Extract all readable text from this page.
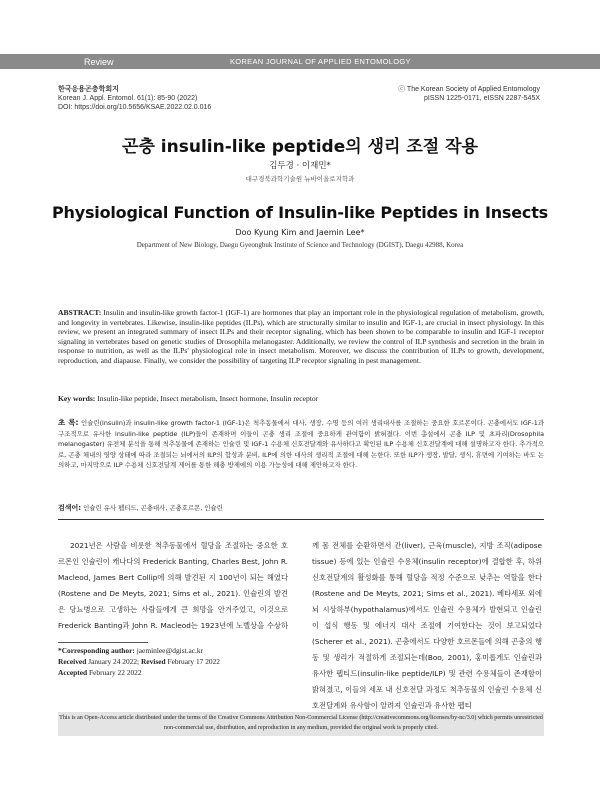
Review	KOREAN JOURNAL OF APPLIED ENTOMOLOGY
한국응용곤충학회지
Korean J. Appl. Entomol. 61(1): 85-90 (2022)
DOI: https://doi.org/10.5656/KSAE.2022.02.0.016
ⓒ The Korean Society of Applied Entomology
pISSN 1225-0171, eISSN 2287-545X
곤충 insulin-like peptide의 생리 조절 작용
김두경 · 이재민*
대구경북과학기술원 뉴바이올로지학과
Physiological Function of Insulin-like Peptides in Insects
Doo Kyung Kim and Jaemin Lee*
Department of New Biology, Daegu Gyeongbuk Institute of Science and Technology (DGIST), Daegu 42988, Korea
ABSTRACT: Insulin and insulin-like growth factor-1 (IGF-1) are hormones that play an important role in the physiological regulation of metabolism, growth, and longevity in vertebrates. Likewise, insulin-like peptides (ILPs), which are structurally similar to insulin and IGF-1, are crucial in insect physiology. In this review, we present an integrated summary of insect ILPs and their receptor signaling, which has been shown to be comparable to insulin and IGF-1 receptor signaling in vertebrates based on genetic studies of Drosophila melanogaster. Additionally, we review the control of ILP synthesis and secretion in the brain in response to nutrition, as well as the ILPs' physiological role in insect metabolism. Moreover, we discuss the contribution of ILPs to growth, development, reproduction, and diapause. Finally, we consider the possibility of targeting ILP receptor signaling in pest management.
Key words: Insulin-like peptide, Insect metabolism, Insect hormone, Insulin receptor
초 록: 인슐린(insulin)과 insulin-like growth factor-1 (IGF-1)은 척추동물에서 대사, 생장, 수명 등의 여러 생리대사를 조절하는 중요한 호르몬이다. 곤충에서도 IGF-1과 구조적으로 유사한 insulin-like peptide (ILP)들이 존재하며 이들이 곤충 생리 조절에 중요하게 관여함이 밝혀졌다. 이번 총설에서 곤충 ILP 및 초파리(Drosophila melanogaster) 유전체 분석을 통해 척추동물에 존재하는 인슐린 및 IGF-1 수용체 신호전달계와 유사하다고 확인된 ILP 수용체 신호전달계에 대해 설명하고자 한다. 추가적으로, 곤충 체내의 영양 상태에 따라 조절되는 뇌에서의 ILP의 합성과 분비, ILP에 의한 대사의 생리적 조절에 대해 논한다. 또한 ILP가 생장, 발달, 생식, 휴면에 기여하는 바도 논의하고, 마지막으로 ILP 수용체 신호전달계 제어를 통한 해충 방제에의 이용 가능성에 대해 제안하고자 한다.
검색어: 인슐린 유사 펩티드, 곤충대사, 곤충호르몬, 인슐린
2021년은 사람을 비롯한 척추동물에서 혈당을 조절하는 중요한 호르몬인 인슐린이 캐나다의 Frederick Banting, Charles Best, John R. Macleod, James Bert Collip에 의해 발견된 지 100년이 되는 해였다(Rostene and De Meyts, 2021; Sims et al., 2021). 인슐린의 발견은 당뇨병으로 고생하는 사람들에게 큰 희망을 안겨주었고, 이것으로 Frederick Banting과 John R. Macleod는 1923년에 노벨상을 수상하
께 몸 전체를 순환하면서 간(liver), 근육(muscle), 지방 조직(adipose tissue) 등에 있는 인슐린 수용체(insulin receptor)에 결합한 후, 하위 신호전달계의 활성화를 통해 혈당을 적정 수준으로 낮추는 역할을 한다(Rostene and De Meyts, 2021; Sims et al., 2021). 베타세포 외에 뇌 시상하부(hypothalamus)에서도 인슐린 수용체가 발현되고 인슐린이 섭식 행동 및 에너지 대사 조절에 기여한다는 것이 보고되었다(Scherer et al., 2021). 곤충에서도 다양한 호르몬들에 의해 곤충의 행동 및 생리가 적절하게 조절되는데(Boo, 2001), 홍미롭게도 인슐린과 유사한 펩티드(insulin-like peptide/ILP) 및 관련 수용체들이 존재함이 밝혀졌고, 이들의 세포 내 신호전달 과정도 척추동물의 인슐린 수용체 신호전달계와 유사함이 알려져 인슐린과 유사한 펩티
*Corresponding author: jaeminlee@dgist.ac.kr
Received January 24 2022; Revised February 17 2022
Accepted February 22 2022
This is an Open-Access article distributed under the terms of the Creative Commons Attribution Non-Commercial License (http://creativecommons.org/licenses/by-nc/3.0) which permits unrestricted non-commercial use, distribution, and reproduction in any medium, provided the original work is properly cited.
